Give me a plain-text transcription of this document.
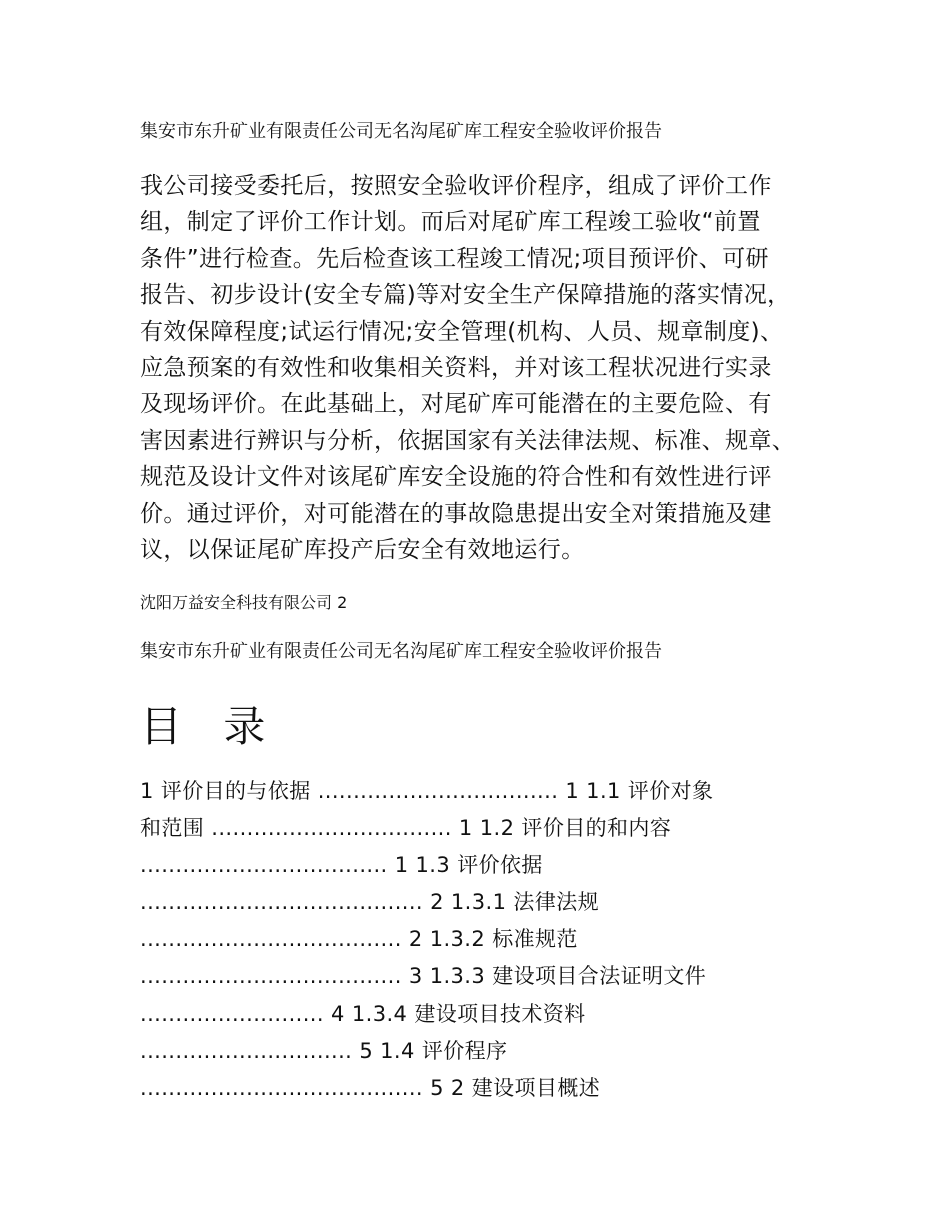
集安市东升矿业有限责任公司无名沟尾矿库工程安全验收评价报告

我公司接受委托后，按照安全验收评价程序，组成了评价工作
组，制定了评价工作计划。而后对尾矿库工程竣工验收“前置
条件”进行检查。先后检查该工程竣工情况;项目预评价、可研
报告、初步设计(安全专篇)等对安全生产保障措施的落实情况，
有效保障程度;试运行情况;安全管理(机构、人员、规章制度)、
应急预案的有效性和收集相关资料，并对该工程状况进行实录
及现场评价。在此基础上，对尾矿库可能潜在的主要危险、有
害因素进行辨识与分析，依据国家有关法律法规、标准、规章、
规范及设计文件对该尾矿库安全设施的符合性和有效性进行评
价。通过评价，对可能潜在的事故隐患提出安全对策措施及建
议，以保证尾矿库投产后安全有效地运行。

沈阳万益安全科技有限公司 2
集安市东升矿业有限责任公司无名沟尾矿库工程安全验收评价报告
目 录
1 评价目的与依据 .................................. 1 1.1 评价对象
和范围 .................................. 1 1.2 评价目的和内容
................................... 1 1.3 评价依据
........................................ 2 1.3.1 法律法规
..................................... 2 1.3.2 标准规范
..................................... 3 1.3.3 建设项目合法证明文件
.......................... 4 1.3.4 建设项目技术资料
.............................. 5 1.4 评价程序
........................................ 5 2 建设项目概述
